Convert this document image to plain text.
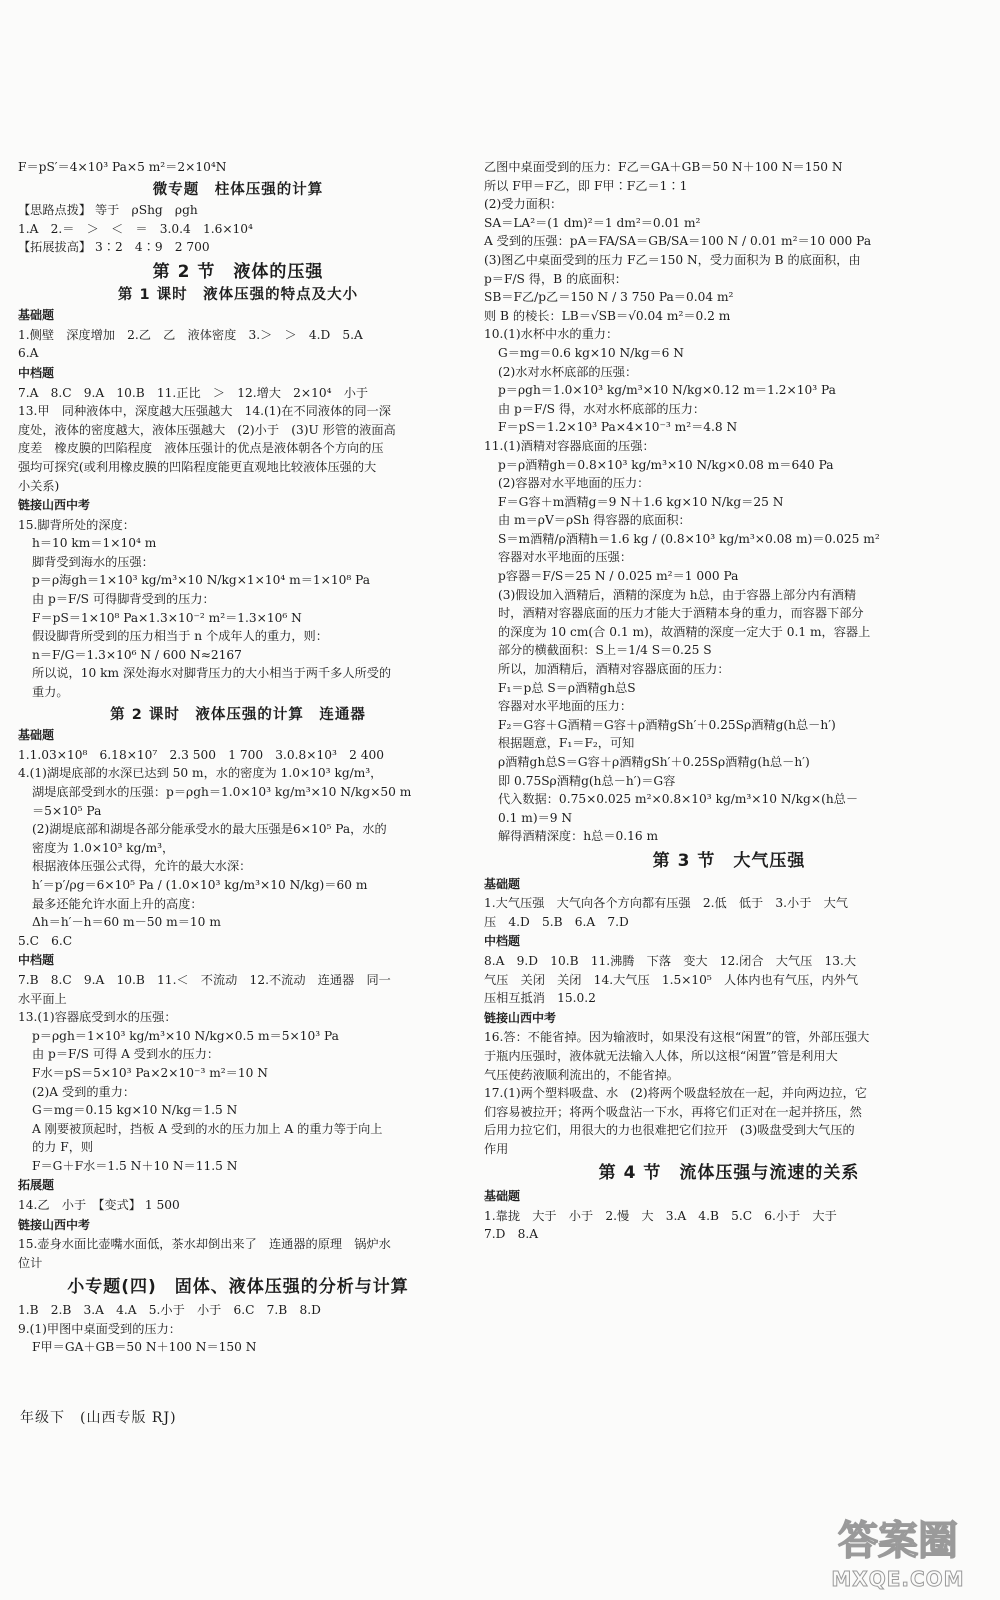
F＝pS′＝4×10³ Pa×5 m²＝2×10⁴N

微专题　柱体压强的计算

【思路点拨】 等于　ρShg　ρgh

1.A　2.＝　＞　＜　＝　3.0.4　1.6×10⁴

【拓展拔高】 3∶2　4∶9　2 700

第 2 节　液体的压强
第 1 课时　液体压强的特点及大小
基础题

1.侧壁　深度增加　2.乙　乙　液体密度　3.＞　＞　4.D　5.A

6.A

中档题

7.A　8.C　9.A　10.B　11.正比　＞　12.增大　2×10⁴　小于

13.甲　同种液体中，深度越大压强越大　14.(1)在不同液体的同一深

度处，液体的密度越大，液体压强越大　(2)小于　(3)U 形管的液面高

度差　橡皮膜的凹陷程度　液体压强计的优点是液体朝各个方向的压

强均可探究(或利用橡皮膜的凹陷程度能更直观地比较液体压强的大

小关系)

链接山西中考

15.脚背所处的深度：

h＝10 km＝1×10⁴ m

脚背受到海水的压强：

p＝ρ海gh＝1×10³ kg/m³×10 N/kg×1×10⁴ m＝1×10⁸ Pa

由 p＝F/S 可得脚背受到的压力：

F＝pS＝1×10⁸ Pa×1.3×10⁻² m²＝1.3×10⁶ N

假设脚背所受到的压力相当于 n 个成年人的重力，则：

n＝F/G＝1.3×10⁶ N / 600 N≈2167

所以说，10 km 深处海水对脚背压力的大小相当于两千多人所受的

重力。

第 2 课时　液体压强的计算　连通器
基础题

1.1.03×10⁸　6.18×10⁷　2.3 500　1 700　3.0.8×10³　2 400

4.(1)湖堤底部的水深已达到 50 m，水的密度为 1.0×10³ kg/m³，

湖堤底部受到水的压强：p＝ρgh＝1.0×10³ kg/m³×10 N/kg×50 m

＝5×10⁵ Pa

(2)湖堤底部和湖堤各部分能承受水的最大压强是6×10⁵ Pa，水的

密度为 1.0×10³ kg/m³，

根据液体压强公式得，允许的最大水深：

h′＝p′/ρg＝6×10⁵ Pa / (1.0×10³ kg/m³×10 N/kg)＝60 m

最多还能允许水面上升的高度：

Δh＝h′－h＝60 m－50 m＝10 m

5.C　6.C

中档题

7.B　8.C　9.A　10.B　11.＜　不流动　12.不流动　连通器　同一

水平面上

13.(1)容器底受到水的压强：

p＝ρgh＝1×10³ kg/m³×10 N/kg×0.5 m＝5×10³ Pa

由 p＝F/S 可得 A 受到水的压力：

F水＝pS＝5×10³ Pa×2×10⁻³ m²＝10 N

(2)A 受到的重力：

G＝mg＝0.15 kg×10 N/kg＝1.5 N

A 刚要被顶起时，挡板 A 受到的水的压力加上 A 的重力等于向上

的力 F，则

F＝G＋F水＝1.5 N＋10 N＝11.5 N

拓展题

14.乙　小于　【变式】 1 500

链接山西中考

15.壶身水面比壶嘴水面低，茶水却倒出来了　连通器的原理　锅炉水

位计

小专题(四)　固体、液体压强的分析与计算

1.B　2.B　3.A　4.A　5.小于　小于　6.C　7.B　8.D

9.(1)甲图中桌面受到的压力：

F甲＝GA＋GB＝50 N＋100 N＝150 N

乙图中桌面受到的压力：F乙＝GA＋GB＝50 N＋100 N＝150 N

所以 F甲＝F乙，即 F甲∶F乙＝1∶1

(2)受力面积：

SA＝LA²＝(1 dm)²＝1 dm²＝0.01 m²

A 受到的压强：pA＝FA/SA＝GB/SA＝100 N / 0.01 m²＝10 000 Pa

(3)图乙中桌面受到的压力 F乙＝150 N，受力面积为 B 的底面积，由

p＝F/S 得，B 的底面积：

SB＝F乙/p乙＝150 N / 3 750 Pa＝0.04 m²

则 B 的棱长：LB＝√SB＝√0.04 m²＝0.2 m

10.(1)水杯中水的重力：

G＝mg＝0.6 kg×10 N/kg＝6 N

(2)水对水杯底部的压强：

p＝ρgh＝1.0×10³ kg/m³×10 N/kg×0.12 m＝1.2×10³ Pa

由 p＝F/S 得，水对水杯底部的压力：

F＝pS＝1.2×10³ Pa×4×10⁻³ m²＝4.8 N

11.(1)酒精对容器底面的压强：

p＝ρ酒精gh＝0.8×10³ kg/m³×10 N/kg×0.08 m＝640 Pa

(2)容器对水平地面的压力：

F＝G容＋m酒精g＝9 N＋1.6 kg×10 N/kg＝25 N

由 m＝ρV＝ρSh 得容器的底面积：

S＝m酒精/ρ酒精h＝1.6 kg / (0.8×10³ kg/m³×0.08 m)＝0.025 m²

容器对水平地面的压强：

p容器＝F/S＝25 N / 0.025 m²＝1 000 Pa

(3)假设加入酒精后，酒精的深度为 h总，由于容器上部分内有酒精

时，酒精对容器底面的压力才能大于酒精本身的重力，而容器下部分

的深度为 10 cm(合 0.1 m)，故酒精的深度一定大于 0.1 m，容器上

部分的横截面积：S上＝1/4 S＝0.25 S

所以，加酒精后，酒精对容器底面的压力：

F₁＝p总 S＝ρ酒精gh总S

容器对水平地面的压力：

F₂＝G容＋G酒精＝G容＋ρ酒精gSh′＋0.25Sρ酒精g(h总－h′)

根据题意，F₁＝F₂，可知

ρ酒精gh总S＝G容＋ρ酒精gSh′＋0.25Sρ酒精g(h总－h′)

即 0.75Sρ酒精g(h总－h′)＝G容

代入数据：0.75×0.025 m²×0.8×10³ kg/m³×10 N/kg×(h总－

0.1 m)＝9 N

解得酒精深度：h总＝0.16 m

第 3 节　大气压强
基础题

1.大气压强　大气向各个方向都有压强　2.低　低于　3.小于　大气

压　4.D　5.B　6.A　7.D

中档题

8.A　9.D　10.B　11.沸腾　下落　变大　12.闭合　大气压　13.大

气压　关闭　关闭　14.大气压　1.5×10⁵　人体内也有气压，内外气

压相互抵消　15.0.2

链接山西中考

16.答：不能省掉。因为输液时，如果没有这根“闲置”的管，外部压强大

于瓶内压强时，液体就无法输入人体，所以这根“闲置”管是利用大

气压使药液顺利流出的，不能省掉。

17.(1)两个塑料吸盘、水　(2)将两个吸盘轻放在一起，并向两边拉，它

们容易被拉开；将两个吸盘沾一下水，再将它们正对在一起并挤压，然

后用力拉它们，用很大的力也很难把它们拉开　(3)吸盘受到大气压的

作用

第 4 节　流体压强与流速的关系
基础题

1.靠拢　大于　小于　2.慢　大　3.A　4.B　5.C　6.小于　大于

7.D　8.A

年级下　(山西专版 RJ)
答案圈
MXQE.COM
